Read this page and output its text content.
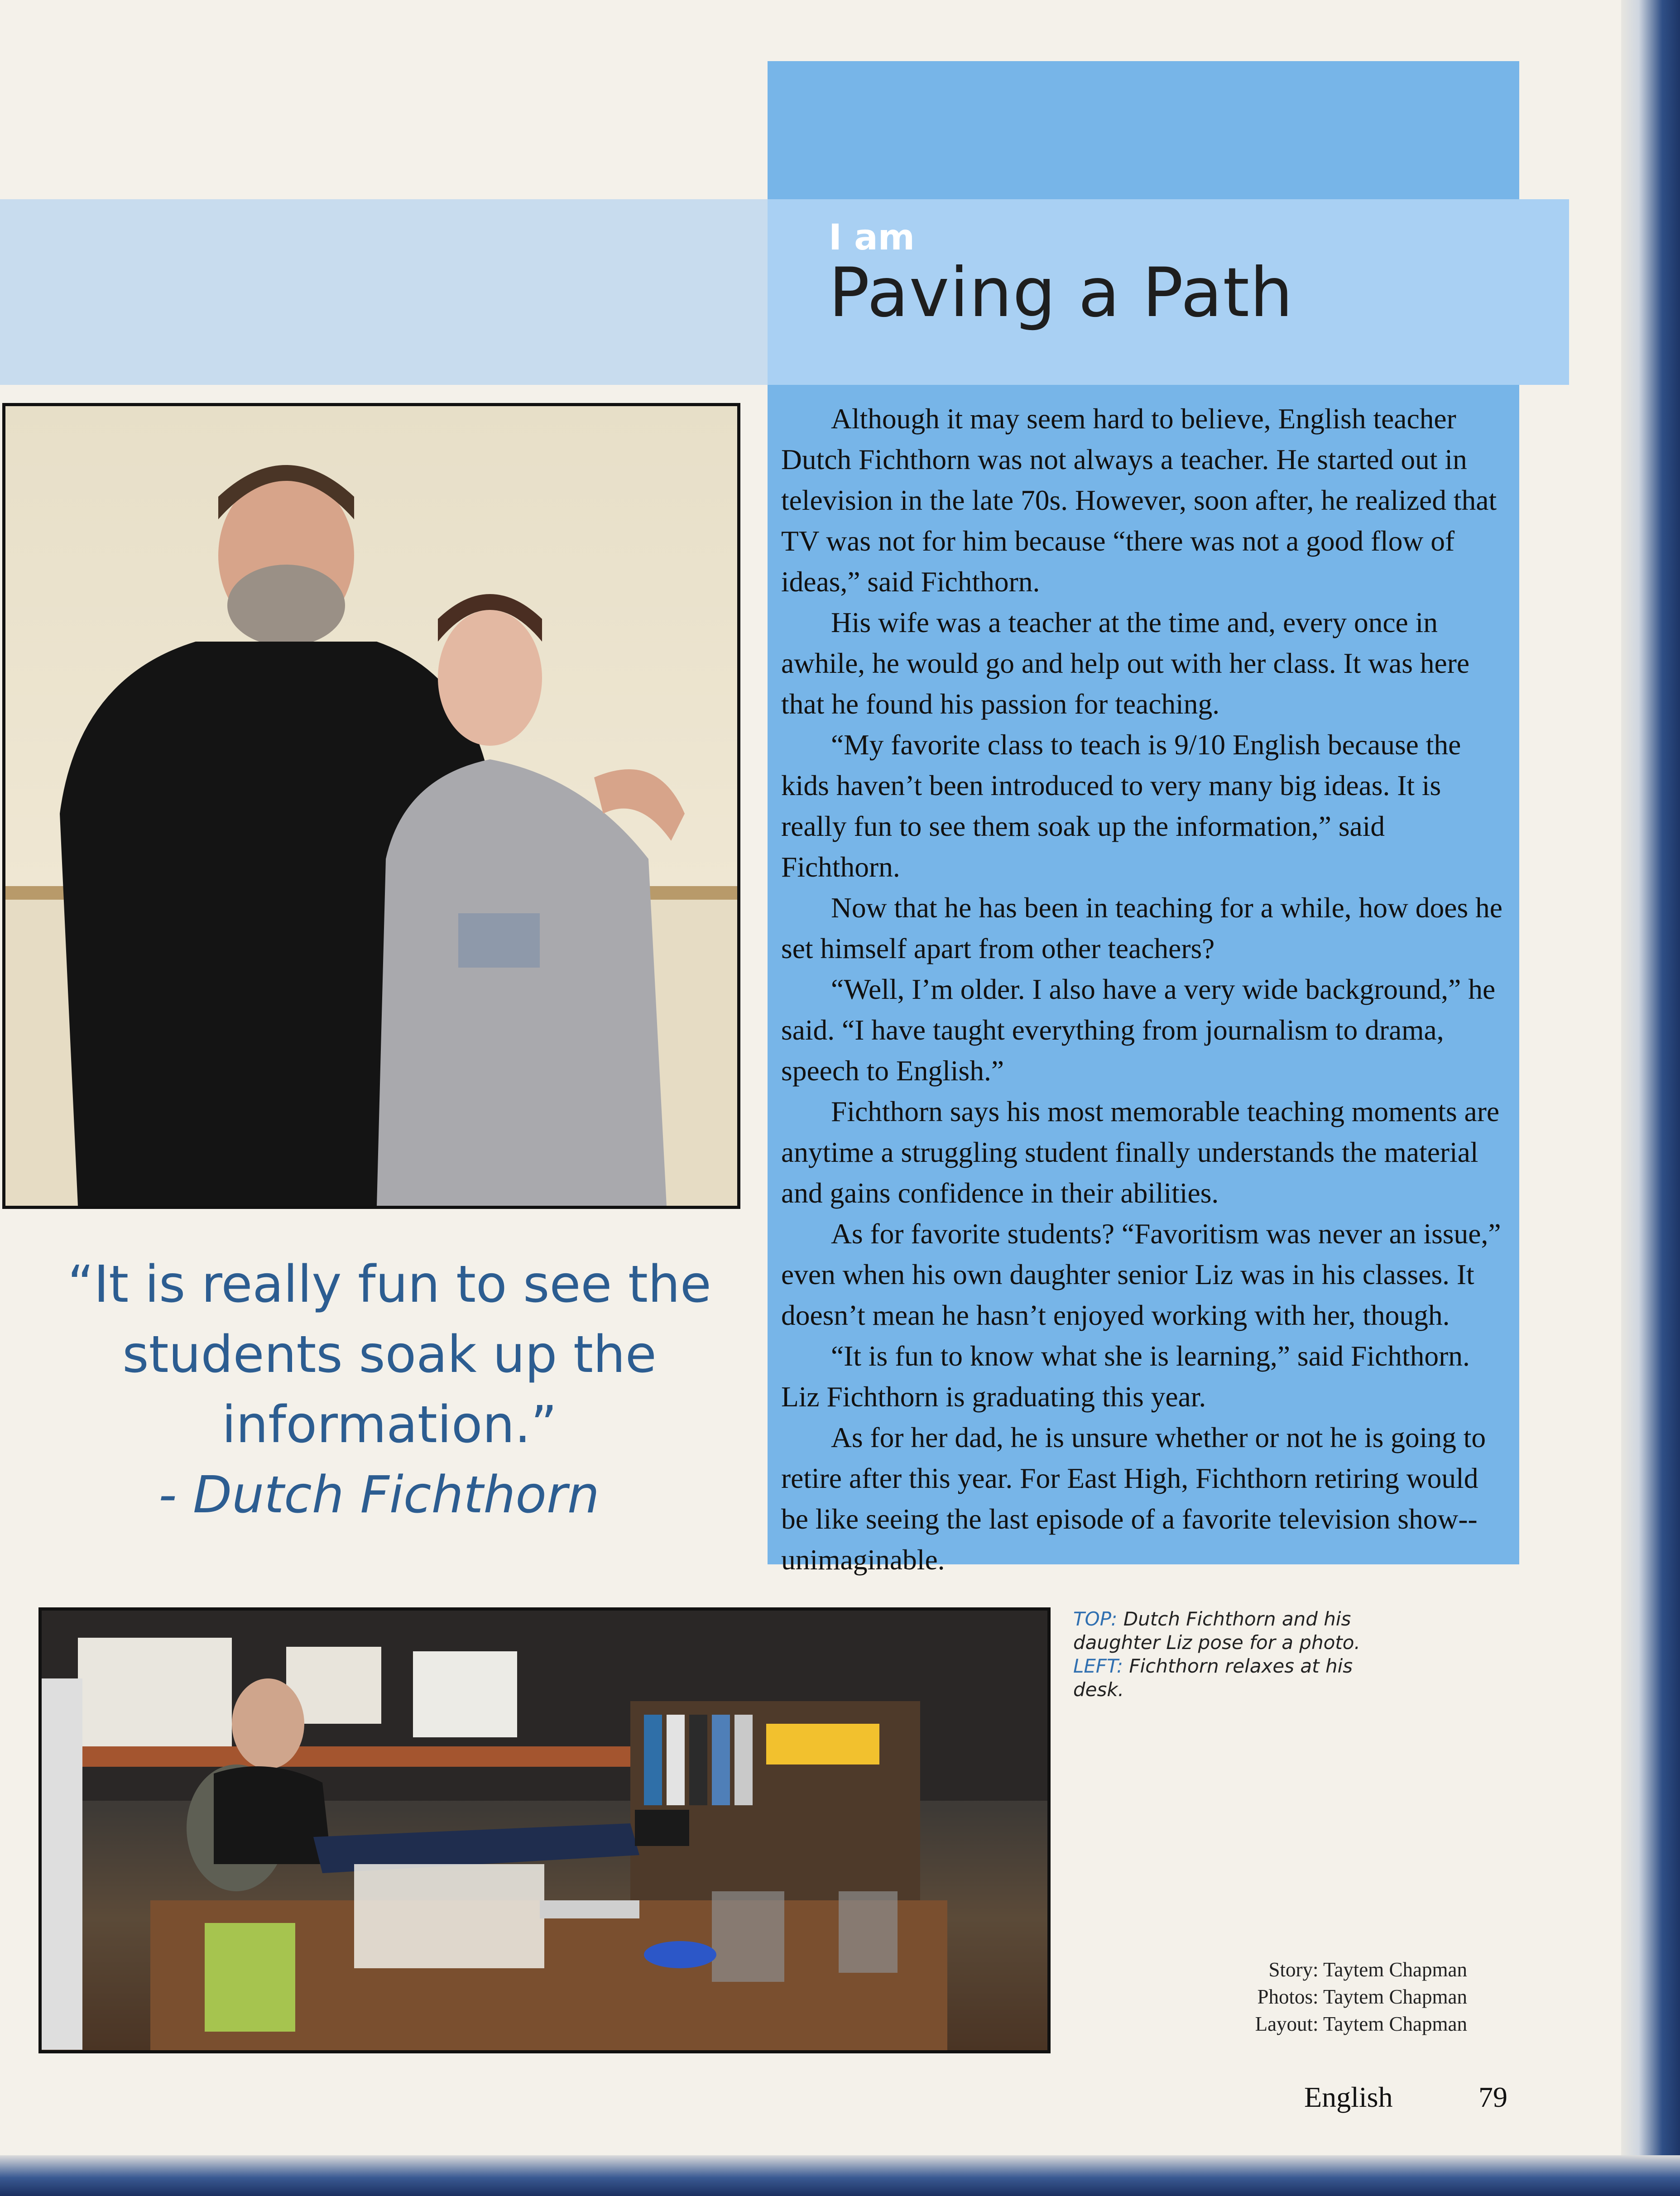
I am
Paving a Path

Although it may seem hard to believe, English teacher Dutch Fichthorn was not always a teacher. He started out in television in the late 70s. However, soon after, he realized that TV was not for him because “there was not a good flow of ideas,” said Fichthorn.

His wife was a teacher at the time and, every once in awhile, he would go and help out with her class. It was here that he found his passion for teaching.

“My favorite class to teach is 9/10 English because the kids haven’t been introduced to very many big ideas. It is really fun to see them soak up the information,” said Fichthorn.

Now that he has been in teaching for a while, how does he set himself apart from other teachers?

“Well, I’m older. I also have a very wide background,” he said. “I have taught everything from journalism to drama, speech to English.”

Fichthorn says his most memorable teaching moments are anytime a struggling student finally understands the material and gains confidence in their abilities.

As for favorite students? “Favoritism was never an issue,” even when his own daughter senior Liz was in his classes. It doesn’t mean he hasn’t enjoyed working with her, though.

“It is fun to know what she is learning,” said Fichthorn. Liz Fichthorn is graduating this year.

As for her dad, he is unsure whether or not he is going to retire after this year. For East High, Fichthorn retiring would be like seeing the last episode of a favorite television show--unimaginable.

“It is really fun to see the students soak up the information.”
- Dutch Fichthorn
TOP: Dutch Fichthorn and his daughter Liz pose for a photo.
LEFT: Fichthorn relaxes at his desk.
Story: Taytem Chapman
Photos: Taytem Chapman
Layout: Taytem Chapman
English	79
